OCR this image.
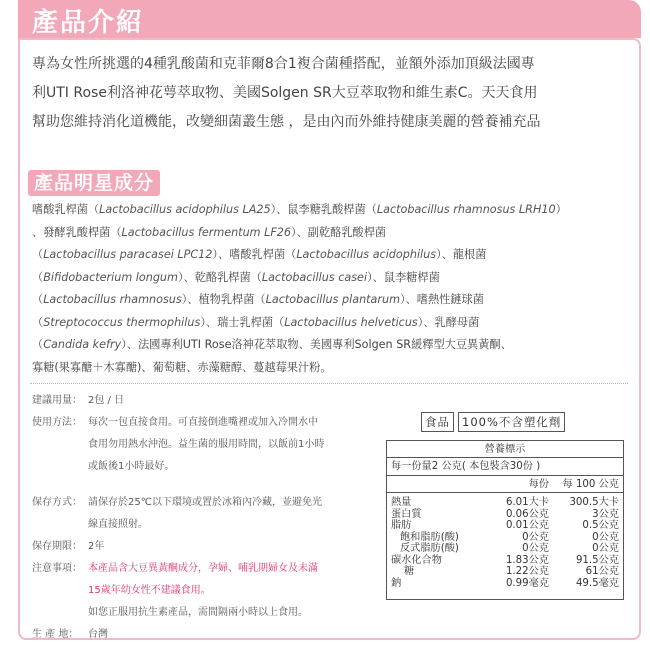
產品介紹
專為女性所挑選的4種乳酸菌和克菲爾8合1複合菌種搭配，並額外添加頂級法國專
利UTI Rose利洛神花萼萃取物、美國Solgen SR大豆萃取物和維生素C。天天食用
幫助您維持消化道機能，改變細菌叢生態 ，是由內而外維持健康美麗的營養補充品
產品明星成分
嗜酸乳桿菌（Lactobacillus acidophilus LA25）、鼠李糖乳酸桿菌（Lactobacillus rhamnosus LRH10）
、發酵乳酸桿菌（Lactobacillus fermentum LF26）、副乾酪乳酸桿菌
（Lactobacillus paracasei LPC12）、嗜酸乳桿菌（Lactobacillus acidophilus）、龍根菌
（Bifidobacterium longum）、乾酪乳桿菌（Lactobacillus casei）、鼠李糖桿菌
（Lactobacillus rhamnosus）、植物乳桿菌（Lactobacillus plantarum）、嗜熱性鏈球菌
（Streptococcus thermophilus）、瑞士乳桿菌（Lactobacillus helveticus）、乳酵母菌
（Candida kefry）、法國專利UTI Rose洛神花萃取物、美國專利Solgen SR緩釋型大豆異黃酮、
寡糖(果寡醣＋木寡醣)、葡萄糖、赤藻糖醇、蔓越莓果汁粉。
建議用量： 2包 / 日
使用方法： 每次一包直接食用。可直接倒進嘴裡或加入冷開水中
食用勿用熱水沖泡。益生菌的服用時間，以飯前1小時
或飯後1小時最好。
保存方式： 請保存於25℃以下環境或置於冰箱內冷藏，並避免光
線直接照射。
保存期限： 2年
注意事項： 本產品含大豆異黃酮成分，孕婦、哺乳期婦女及未滿
15歲年幼女性不建議食用。
如您正服用抗生素產品，需間隔兩小時以上食用。
生 產 地： 台灣
食品	100%不含塑化劑
營養標示
每一份量2 公克( 本包裝含30份 )
每份	每 100 公克
熱量	6.01大卡	300.5大卡
蛋白質	0.06公克	3公克
脂肪	0.01公克	0.5公克
飽和脂肪(酸)	0公克	0公克
反式脂肪(酸)	0公克	0公克
碳水化合物	1.83公克	91.5公克
糖	1.22公克	61公克
鈉	0.99毫克	49.5毫克
